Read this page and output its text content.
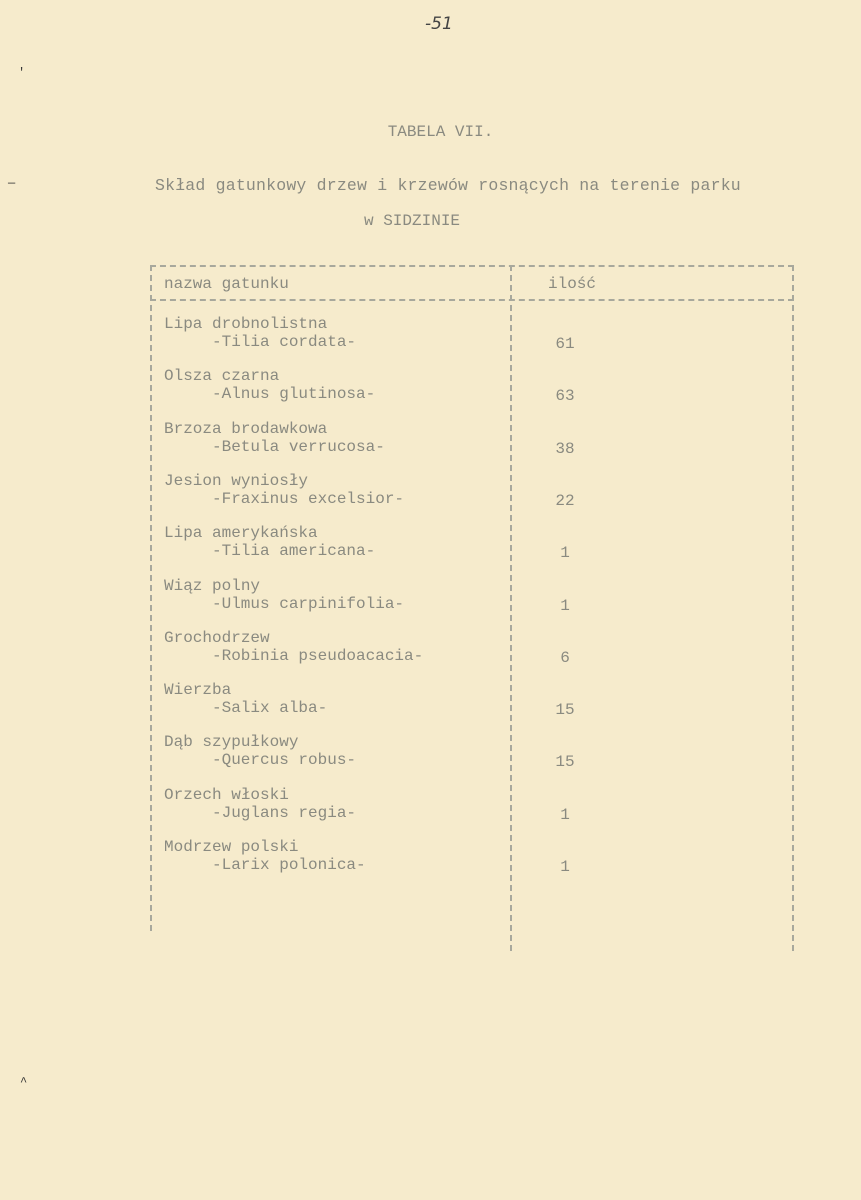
-51
TABELA VII.
Skład gatunkowy drzew i krzewów rosnących na terenie parku
w SIDZINIE
nazwa gatunku	ilość
Lipa drobnolistna
-Tilia cordata-	61
Olsza czarna
-Alnus glutinosa-	63
Brzoza brodawkowa
-Betula verrucosa-	38
Jesion wyniosły
-Fraxinus excelsior-	22
Lipa amerykańska
-Tilia americana-	1
Wiąz polny
-Ulmus carpinifolia-	1
Grochodrzew
-Robinia pseudoacacia-	6
Wierzba
-Salix alba-	15
Dąb szypułkowy
-Quercus robus-	15
Orzech włoski
-Juglans regia-	1
Modrzew polski
-Larix polonica-	1
'
—
^
